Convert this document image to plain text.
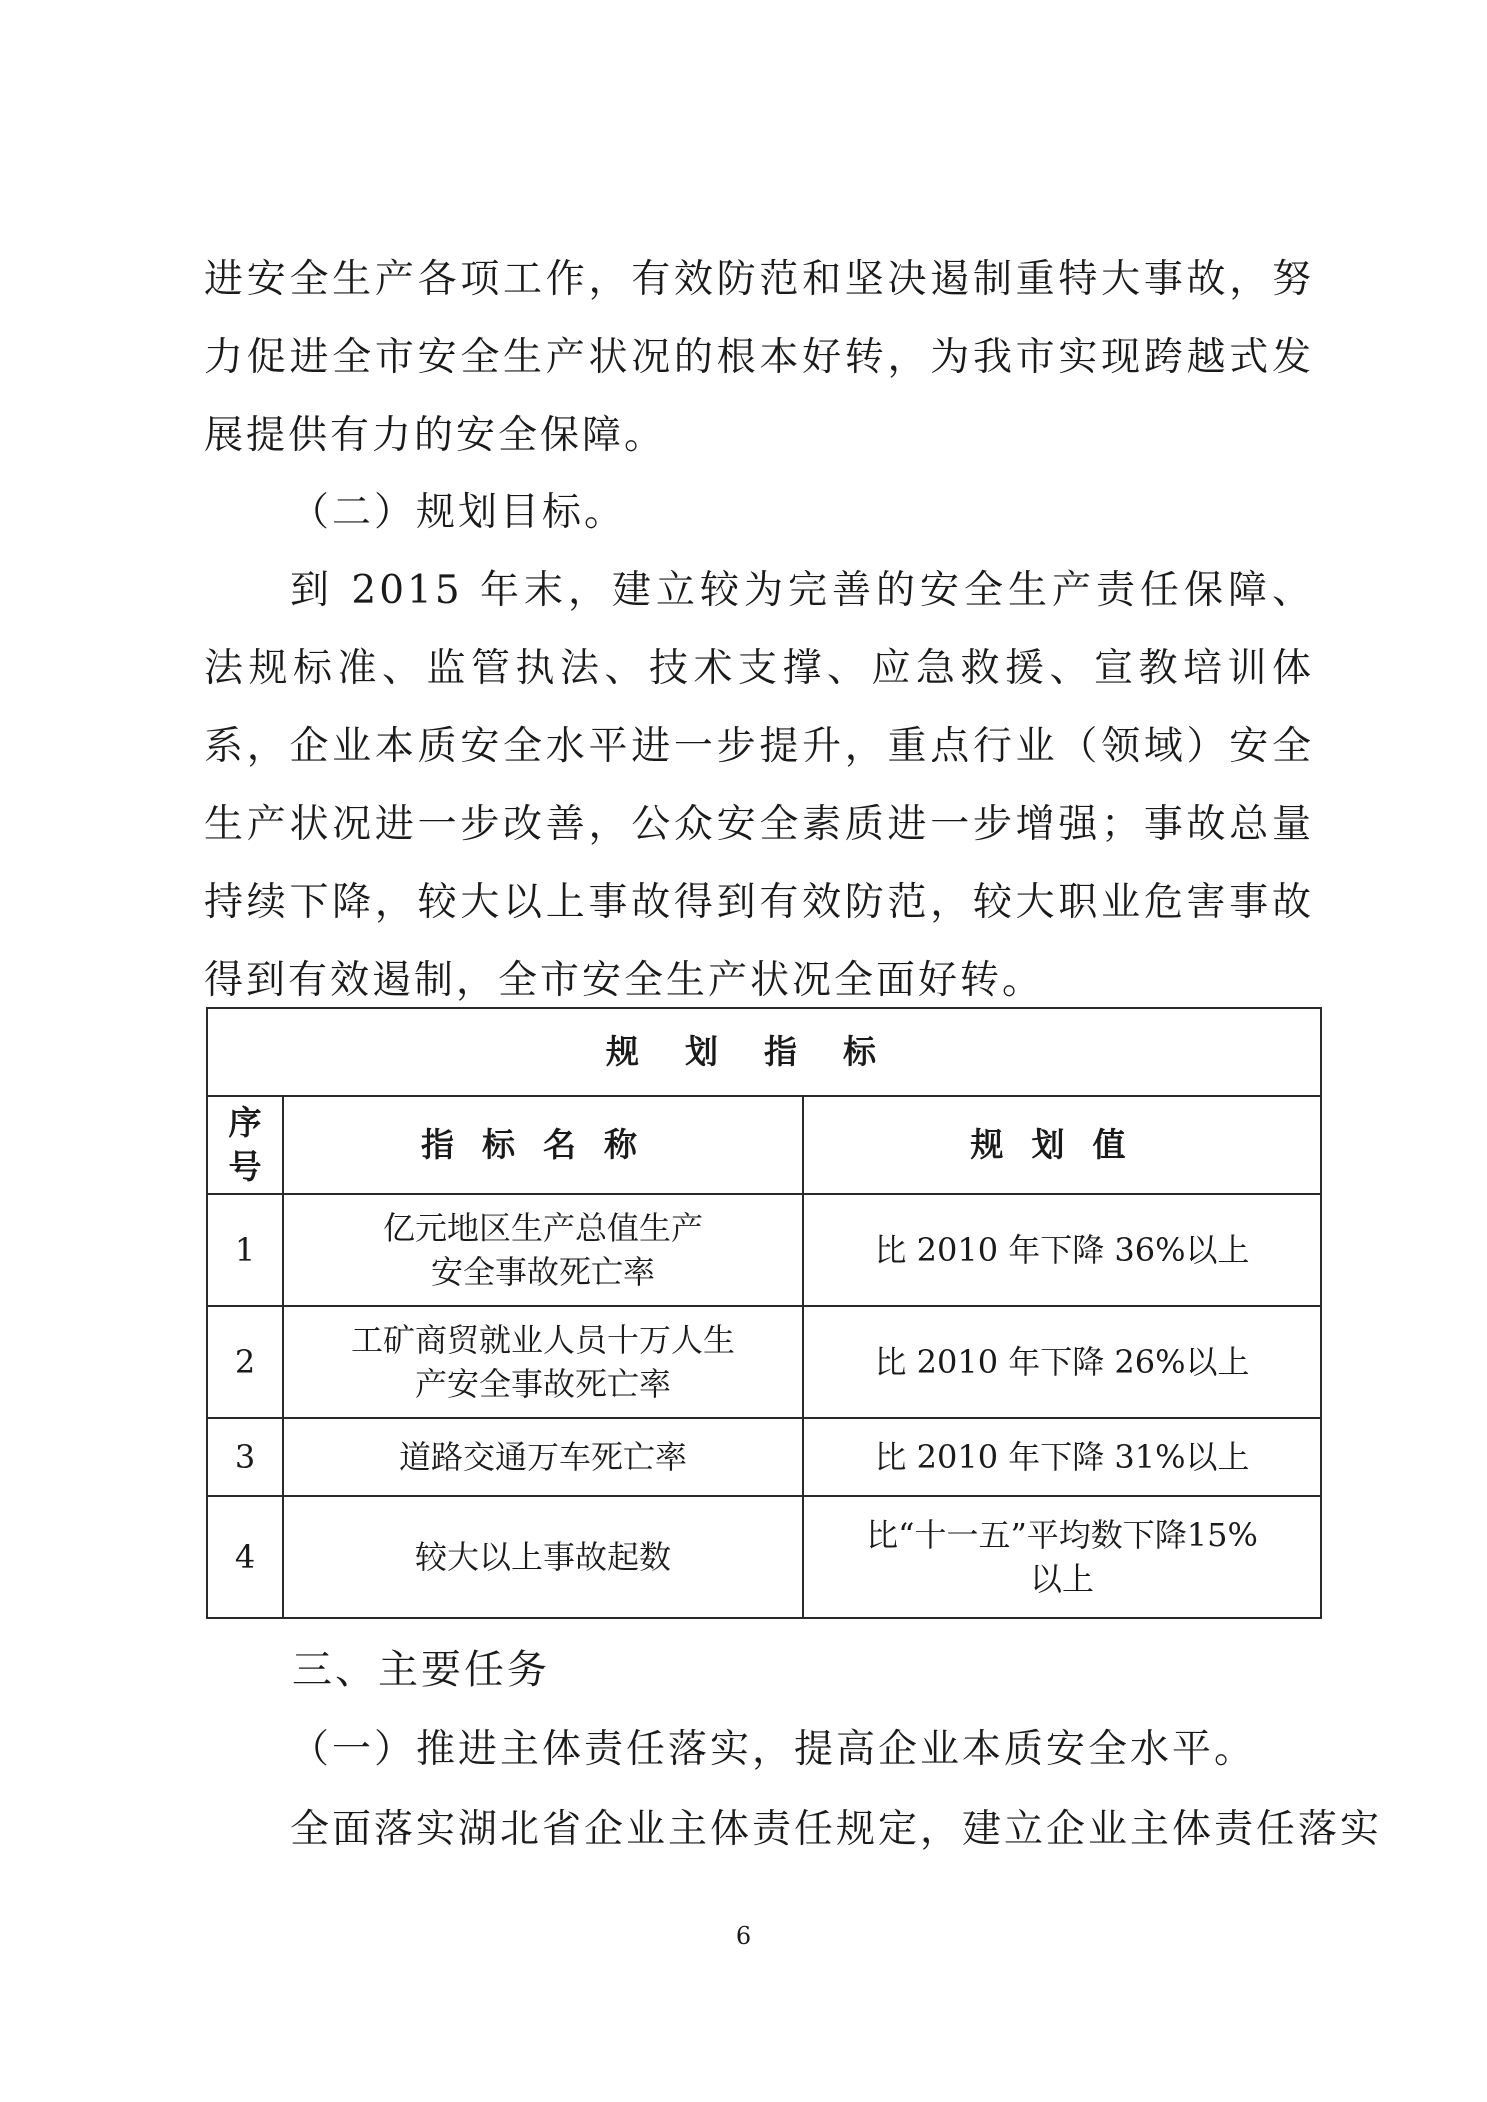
进安全生产各项工作，有效防范和坚决遏制重特大事故，努力促进全市安全生产状况的根本好转，为我市实现跨越式发展提供有力的安全保障。

（二）规划目标。

到 2015 年末，建立较为完善的安全生产责任保障、法规标准、监管执法、技术支撑、应急救援、宣教培训体系，企业本质安全水平进一步提升，重点行业（领域）安全生产状况进一步改善，公众安全素质进一步增强；事故总量持续下降，较大以上事故得到有效防范，较大职业危害事故得到有效遏制，全市安全生产状况全面好转。

规划指标		
序号	指标名称	规划值
1	亿元地区生产总值生产安全事故死亡率	比 2010 年下降 36%以上
2	工矿商贸就业人员十万人生产安全事故死亡率	比 2010 年下降 26%以上
3	道路交通万车死亡率	比 2010 年下降 31%以上
4	较大以上事故起数	比“十一五”平均数下降15%以上

三、主要任务

（一）推进主体责任落实，提高企业本质安全水平。

全面落实湖北省企业主体责任规定，建立企业主体责任落实

6
